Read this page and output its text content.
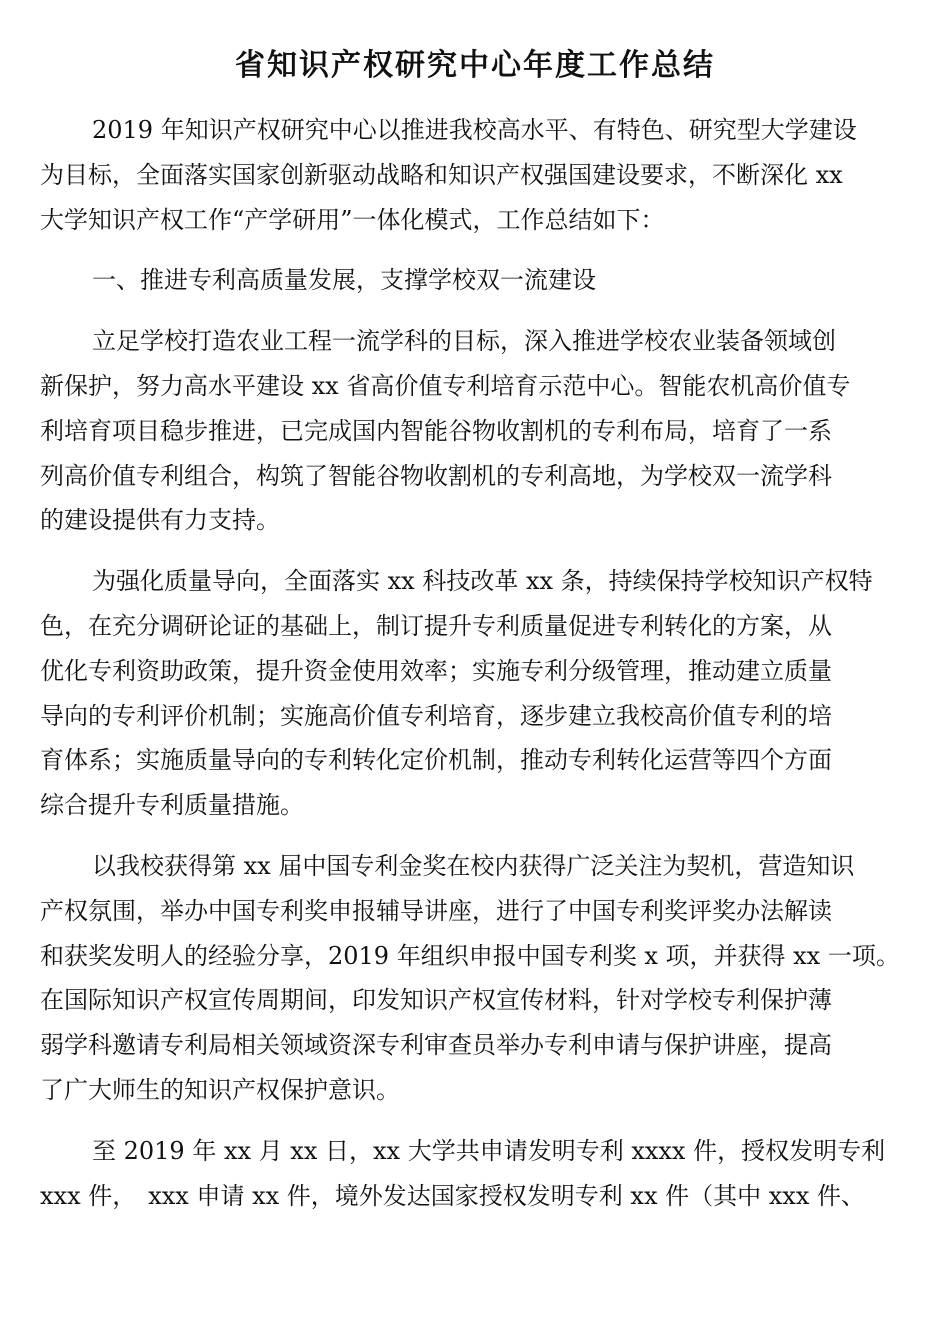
省知识产权研究中心年度工作总结

2019 年知识产权研究中心以推进我校高水平、有特色、研究型大学建设
为目标，全面落实国家创新驱动战略和知识产权强国建设要求，不断深化 xx
大学知识产权工作“产学研用”一体化模式，工作总结如下：

一、推进专利高质量发展，支撑学校双一流建设

立足学校打造农业工程一流学科的目标，深入推进学校农业装备领域创
新保护，努力高水平建设 xx 省高价值专利培育示范中心。智能农机高价值专
利培育项目稳步推进，已完成国内智能谷物收割机的专利布局，培育了一系
列高价值专利组合，构筑了智能谷物收割机的专利高地，为学校双一流学科
的建设提供有力支持。

为强化质量导向，全面落实 xx 科技改革 xx 条，持续保持学校知识产权特
色，在充分调研论证的基础上，制订提升专利质量促进专利转化的方案，从
优化专利资助政策，提升资金使用效率；实施专利分级管理，推动建立质量
导向的专利评价机制；实施高价值专利培育，逐步建立我校高价值专利的培
育体系；实施质量导向的专利转化定价机制，推动专利转化运营等四个方面
综合提升专利质量措施。

以我校获得第 xx 届中国专利金奖在校内获得广泛关注为契机，营造知识
产权氛围，举办中国专利奖申报辅导讲座，进行了中国专利奖评奖办法解读
和获奖发明人的经验分享，2019 年组织申报中国专利奖 x 项，并获得 xx 一项。
在国际知识产权宣传周期间，印发知识产权宣传材料，针对学校专利保护薄
弱学科邀请专利局相关领域资深专利审查员举办专利申请与保护讲座，提高
了广大师生的知识产权保护意识。

至 2019 年 xx 月 xx 日，xx 大学共申请发明专利 xxxx 件，授权发明专利
xxx 件，　xxx 申请 xx 件，境外发达国家授权发明专利 xx 件（其中 xxx 件、
